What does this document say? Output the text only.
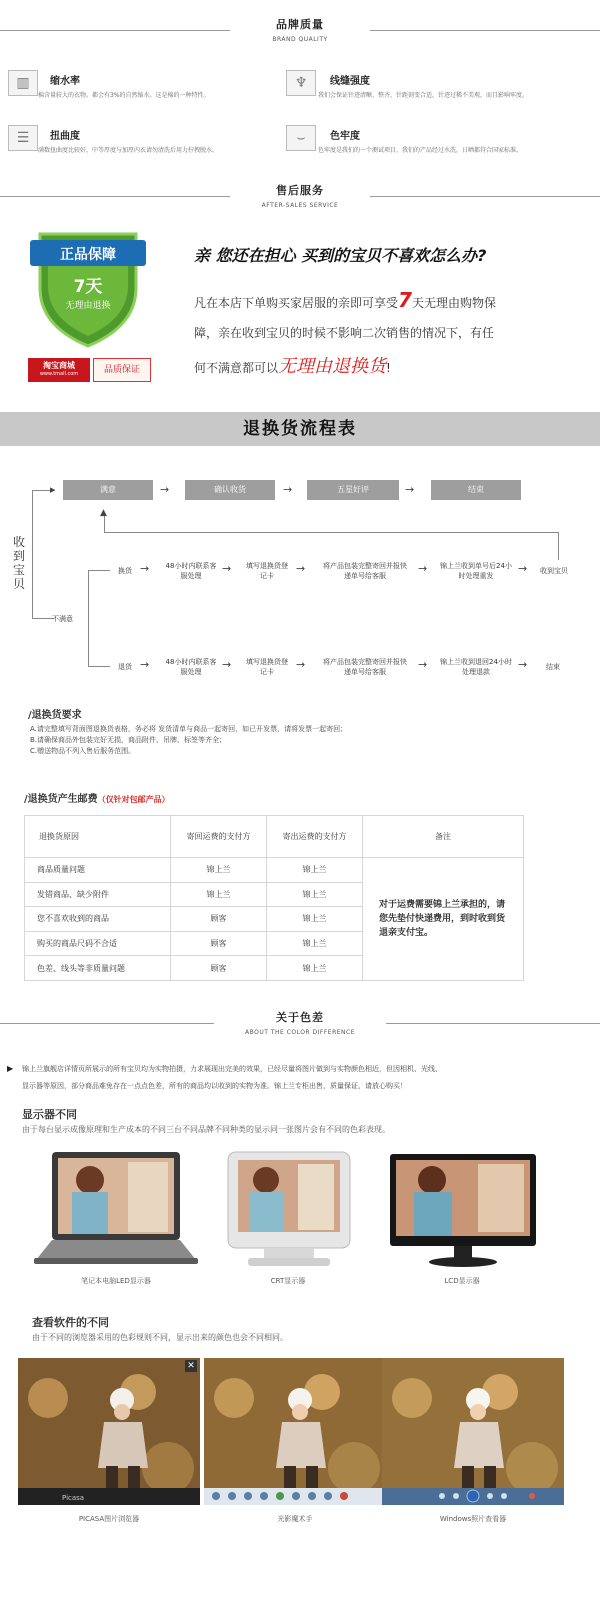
品牌质量
BRAND QUALITY
▥	缩水率
棉含量较大的衣物。都会有3%的自然缩水。这是棉的一种特性。
♆	线缝强度
我们会保证针迹清晰、整齐，针距刻变合适，针迹过稀不美观，而且影响牢度。
☰	扭曲度
满数扭曲度比较好，中等厚度与加厚内衣请勿清洗后用力拧拽脱水。
⌣	色牢度
色牢度是我们的一个测试项目，我们的产品经过水洗，日晒都符合国家标准。
售后服务
AFTER-SALES SERVICE
正品保障
7天
无理由退换
淘宝商城
www.tmall.com	品质保证
亲 您还在担心 买到的宝贝不喜欢怎么办?
凡在本店下单购买家居服的亲即可享受7天无理由购物保
障，亲在收到宝贝的时候不影响二次销售的情况下，有任
何不满意都可以无理由退换货!
退换货流程表
收到宝贝
▸	满意	→	确认收货	→	五星好评	→	结束
▲
不满意
换货 → 48小时内联系客服处理
→ 填写退换货登记卡
→	将产品包装完整寄回并报快递单号给客服
→ 锦上兰收到单号后24小时处理重发
→ 收到宝贝
退货 → 48小时内联系客服处理
→ 填写退换货登记卡
→	将产品包装完整寄回并报快递单号给客服
→ 锦上兰收到退回24小时处理退款
→	结束
/退换货要求
A.请完整填写背面图退换货表格，务必将 发货清单与商品一起寄回，如已开发票，请将发票一起寄回；
B.请确保商品外包装完好无损，商品附件、吊牌、标签等齐全；
C.赠送物品不列入售后服务范围。
/退换货产生邮费（仅针对包邮产品）
退换货原因	寄回运费的支付方	寄出运费的支付方	备注
商品质量问题	锦上兰	锦上兰	对于运费需要锦上兰承担的，请您先垫付快递费用，到时收到货退亲支付宝。
发错商品、缺少附件	锦上兰	锦上兰	
您不喜欢收到的商品	顾客	锦上兰	
购买的商品尺码不合适	顾客	锦上兰	
色差、线头等非质量问题	顾客	锦上兰	
关于色差
ABOUT THE COLOR DIFFERENCE
▶ 锦上兰旗舰店详情页所展示的所有宝贝均为实物拍摄，力求展现出完美的效果，已经尽量将图片做到与实物颜色相近，但因相机、光线、
显示器等原因，部分商品难免存在一点点色差，所有的商品均以收到的实物为准。锦上兰专柜出售，质量保证，请放心购买！
显示器不同
由于每台显示成像原理和生产成本的不同三台不同品牌不同种类的显示同一张图片会有不同的色彩表现。
笔记本电脑LED显示器	CRT显示器	LCD显示器
查看软件的不同
由于不同的浏览器采用的色彩规则不同，显示出来的颜色也会不同相同。
Picasa
✕
PICASA图片浏览器	光影魔术手	Windows照片查看器
